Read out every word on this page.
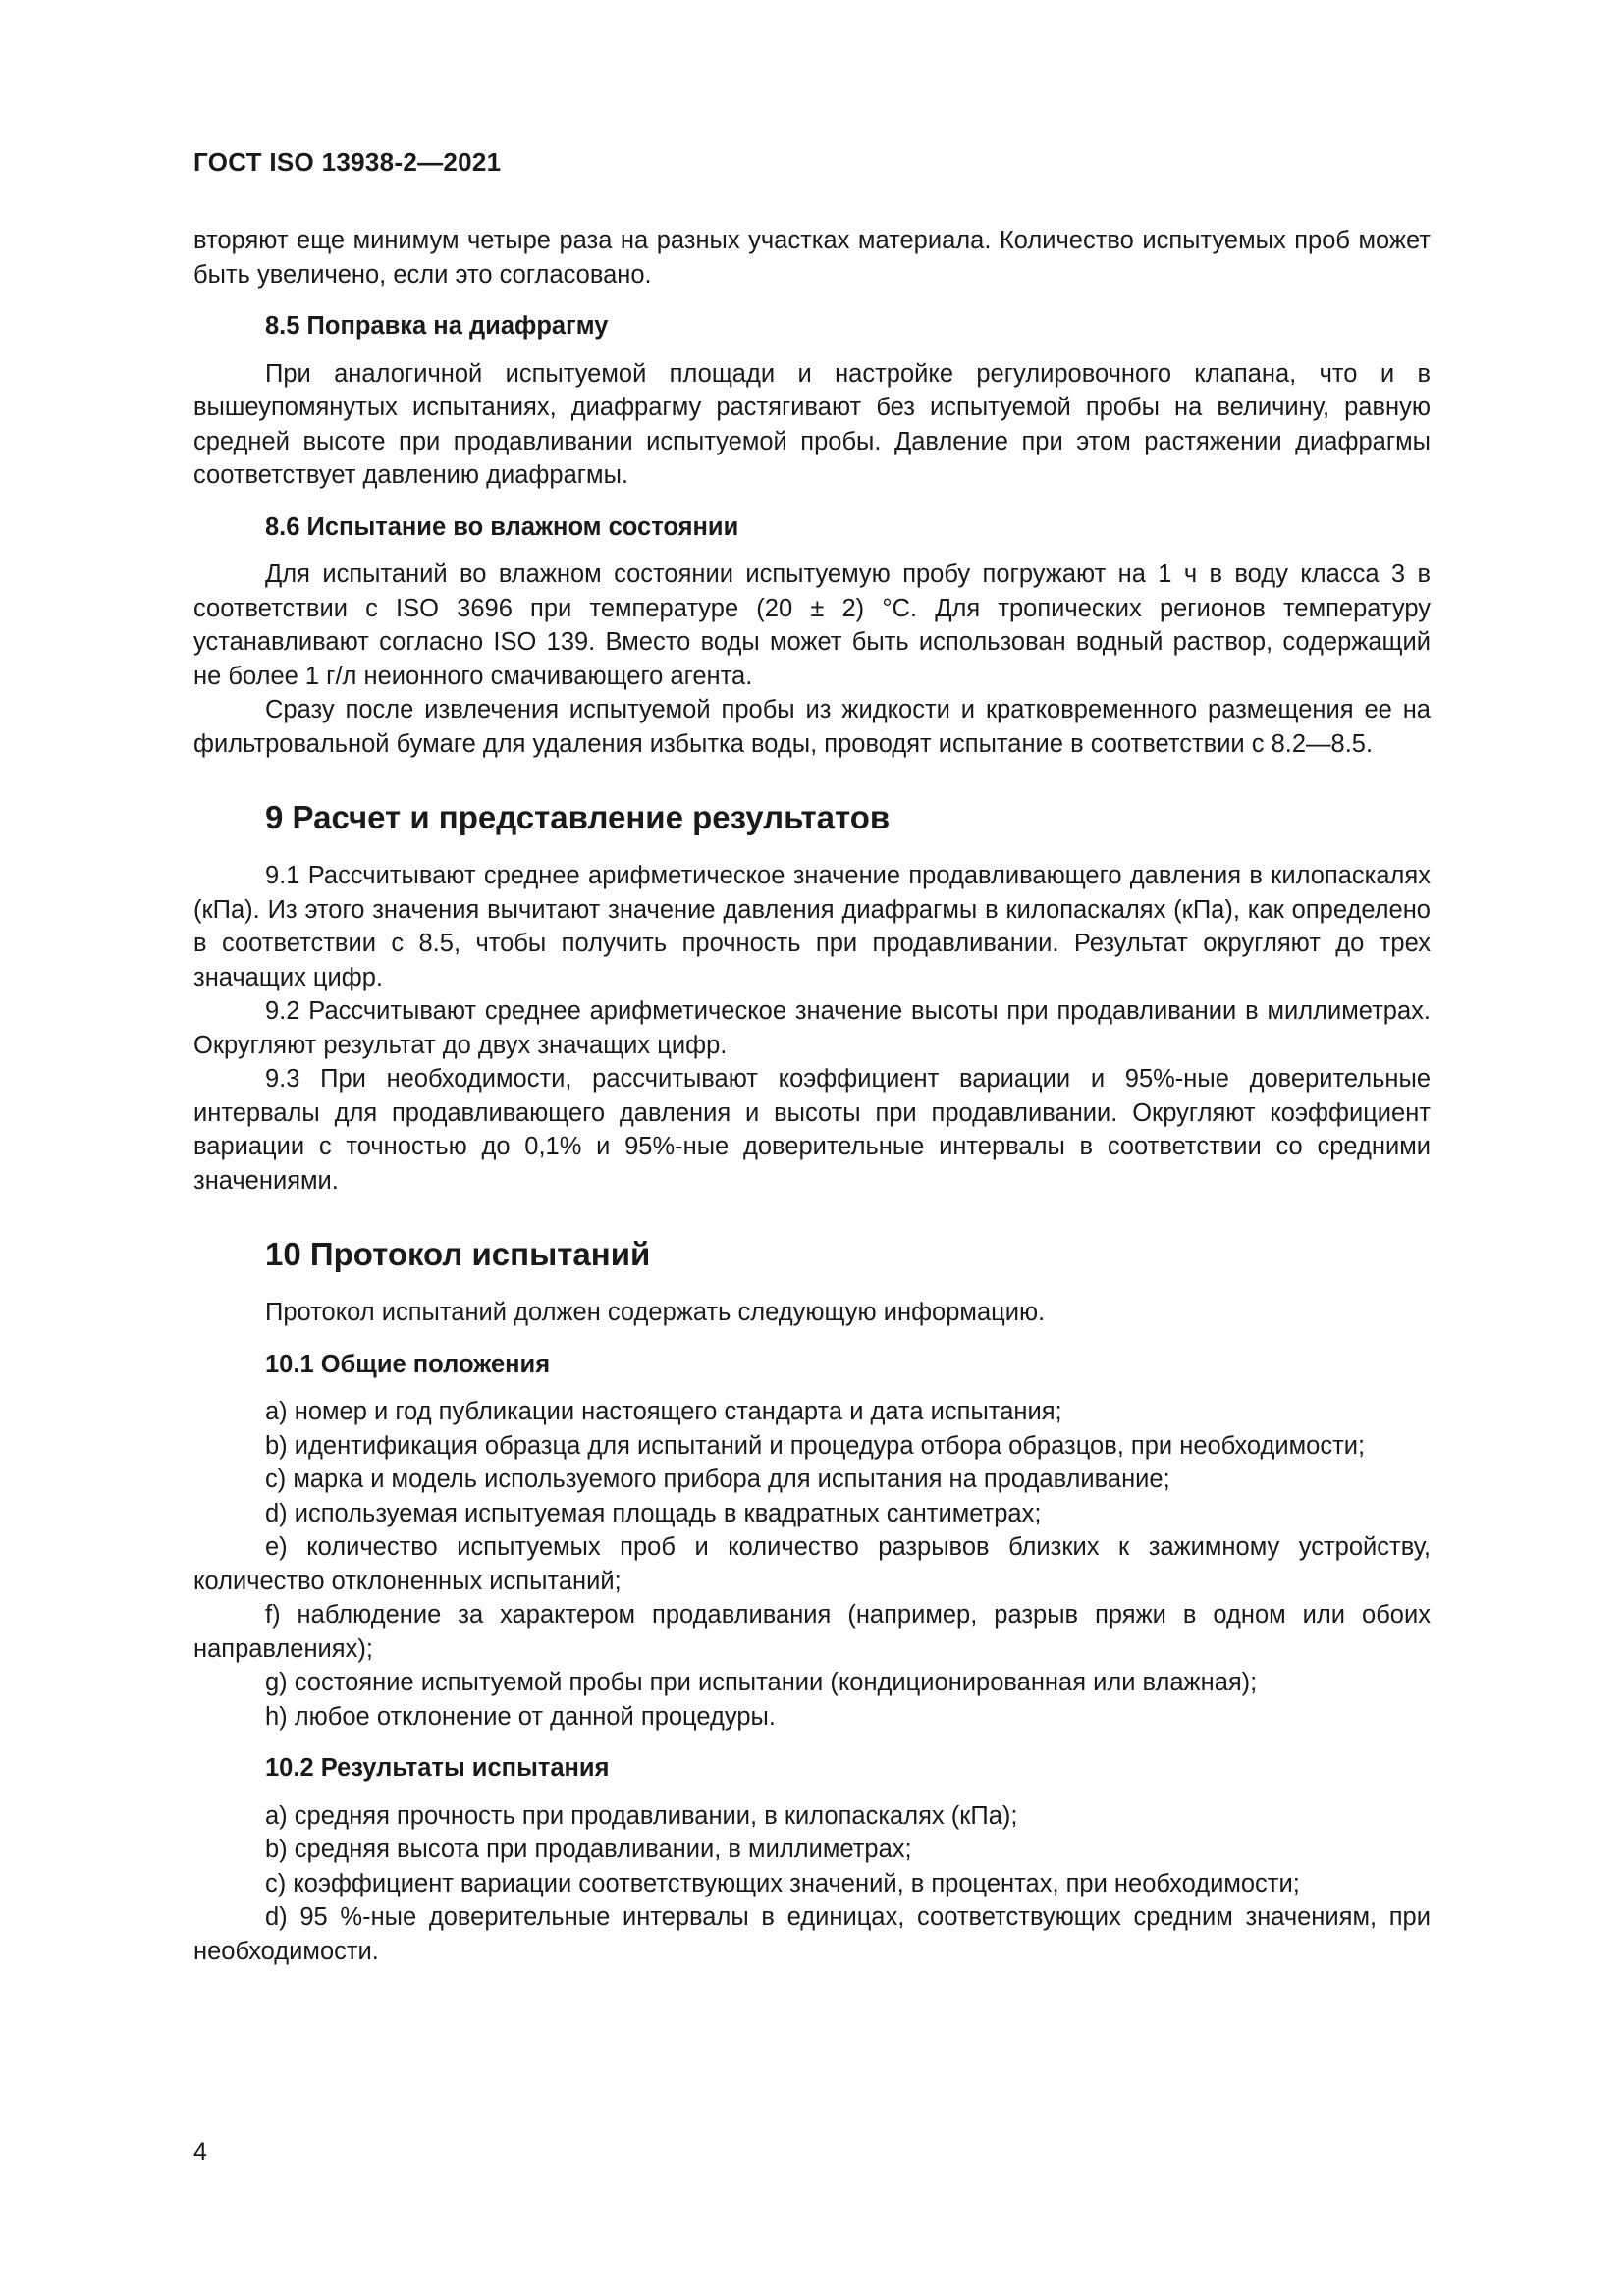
ГОСТ ISO 13938-2—2021

вторяют еще минимум четыре раза на разных участках материала. Количество испытуемых проб может быть увеличено, если это согласовано.

8.5 Поправка на диафрагму

При аналогичной испытуемой площади и настройке регулировочного клапана, что и в вышеупомянутых испытаниях, диафрагму растягивают без испытуемой пробы на величину, равную средней высоте при продавливании испытуемой пробы. Давление при этом растяжении диафрагмы соответствует давлению диафрагмы.

8.6 Испытание во влажном состоянии

Для испытаний во влажном состоянии испытуемую пробу погружают на 1 ч в воду класса 3 в соответствии с ISO 3696 при температуре (20 ± 2) °С. Для тропических регионов температуру устанавливают согласно ISO 139. Вместо воды может быть использован водный раствор, содержащий не более 1 г/л неионного смачивающего агента.

Сразу после извлечения испытуемой пробы из жидкости и кратковременного размещения ее на фильтровальной бумаге для удаления избытка воды, проводят испытание в соответствии с 8.2—8.5.

9 Расчет и представление результатов

9.1 Рассчитывают среднее арифметическое значение продавливающего давления в килопаскалях (кПа). Из этого значения вычитают значение давления диафрагмы в килопаскалях (кПа), как определено в соответствии с 8.5, чтобы получить прочность при продавливании. Результат округляют до трех значащих цифр.

9.2 Рассчитывают среднее арифметическое значение высоты при продавливании в миллиметрах. Округляют результат до двух значащих цифр.

9.3 При необходимости, рассчитывают коэффициент вариации и 95%-ные доверительные интервалы для продавливающего давления и высоты при продавливании. Округляют коэффициент вариации с точностью до 0,1% и 95%-ные доверительные интервалы в соответствии со средними значениями.

10 Протокол испытаний

Протокол испытаний должен содержать следующую информацию.

10.1 Общие положения

a) номер и год публикации настоящего стандарта и дата испытания;

b) идентификация образца для испытаний и процедура отбора образцов, при необходимости;

c) марка и модель используемого прибора для испытания на продавливание;

d) используемая испытуемая площадь в квадратных сантиметрах;

e) количество испытуемых проб и количество разрывов близких к зажимному устройству, количество отклоненных испытаний;

f) наблюдение за характером продавливания (например, разрыв пряжи в одном или обоих направлениях);

g) состояние испытуемой пробы при испытании (кондиционированная или влажная);

h) любое отклонение от данной процедуры.

10.2 Результаты испытания

a) средняя прочность при продавливании, в килопаскалях (кПа);

b) средняя высота при продавливании, в миллиметрах;

c) коэффициент вариации соответствующих значений, в процентах, при необходимости;

d) 95 %-ные доверительные интервалы в единицах, соответствующих средним значениям, при необходимости.

4
